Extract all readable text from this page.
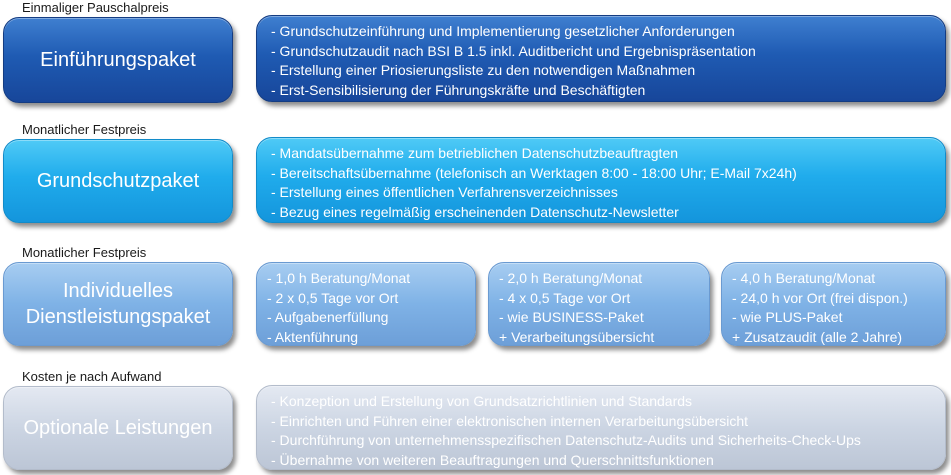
Einmaliger Pauschalpreis
Einführungspaket
- Grundschutzeinführung und Implementierung gesetzlicher Anforderungen
- Grundschutzaudit nach BSI B 1.5 inkl. Auditbericht und Ergebnispräsentation
- Erstellung einer Priosierungsliste zu den notwendigen Maßnahmen
- Erst-Sensibilisierung der Führungskräfte und Beschäftigten
Monatlicher Festpreis
Grundschutzpaket
- Mandatsübernahme zum betrieblichen Datenschutzbeauftragten
- Bereitschaftsübernahme (telefonisch an Werktagen 8:00 - 18:00 Uhr; E-Mail 7x24h)
- Erstellung eines öffentlichen Verfahrensverzeichnisses
- Bezug eines regelmäßig erscheinenden Datenschutz-Newsletter
Monatlicher Festpreis
Individuelles
Dienstleistungspaket
- 1,0 h Beratung/Monat
- 2 x 0,5 Tage vor Ort
- Aufgabenerfüllung
- Aktenführung
- 2,0 h Beratung/Monat
- 4 x 0,5 Tage vor Ort
- wie BUSINESS-Paket
+ Verarbeitungsübersicht
- 4,0 h Beratung/Monat
- 24,0 h vor Ort (frei dispon.)
- wie PLUS-Paket
+ Zusatzaudit (alle 2 Jahre)
Kosten je nach Aufwand
Optionale Leistungen
- Konzeption und Erstellung von Grundsatzrichtlinien und Standards
- Einrichten und Führen einer elektronischen internen Verarbeitungsübersicht
- Durchführung von unternehmensspezifischen Datenschutz-Audits und Sicherheits-Check-Ups
- Übernahme von weiteren Beauftragungen und Querschnittsfunktionen
